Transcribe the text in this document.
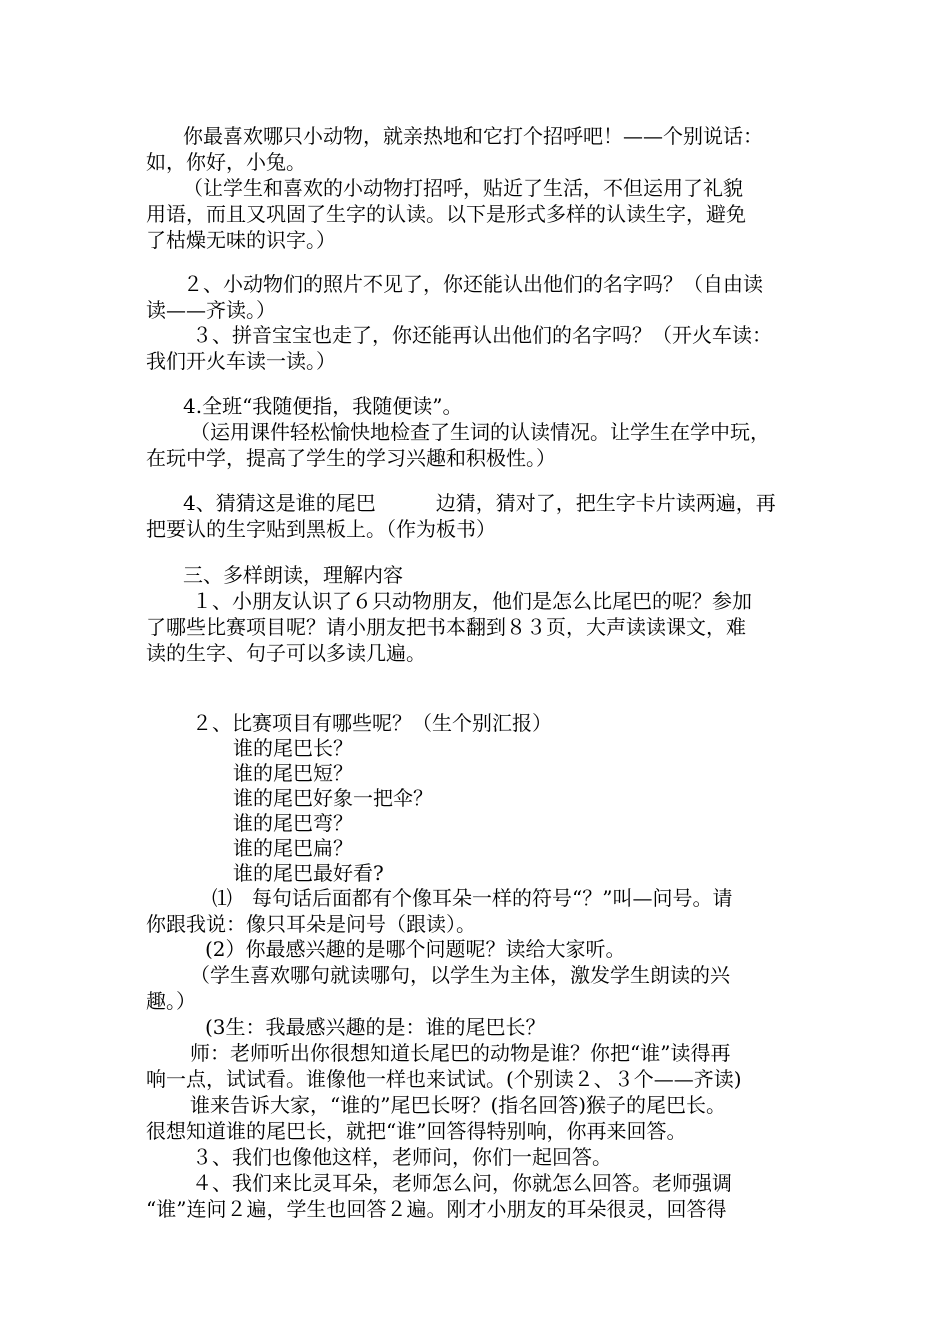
你最喜欢哪只小动物，就亲热地和它打个招呼吧！——个别说话：

如，你好，小兔。

（让学生和喜欢的小动物打招呼，贴近了生活，不但运用了礼貌

用语，而且又巩固了生字的认读。以下是形式多样的认读生字，避免

了枯燥无味的识字。）

２、小动物们的照片不见了，你还能认出他们的名字吗？（自由读

读——齐读。）

３、拼音宝宝也走了，你还能再认出他们的名字吗？（开火车读：

我们开火车读一读。）

4.全班“我随便指，我随便读”。

（运用课件轻松愉快地检查了生词的认读情况。让学生在学中玩，

在玩中学，提高了学生的学习兴趣和积极性。）

4、猜猜这是谁的尾巴　　　边猜，猜对了，把生字卡片读两遍，再

把要认的生字贴到黑板上。（作为板书）

三、多样朗读，理解内容

１、小朋友认识了６只动物朋友，他们是怎么比尾巴的呢？参加

了哪些比赛项目呢？请小朋友把书本翻到８３页，大声读读课文，难

读的生字、句子可以多读几遍。

２、比赛项目有哪些呢？（生个别汇报）

谁的尾巴长？

谁的尾巴短？

谁的尾巴好象一把伞？

谁的尾巴弯？

谁的尾巴扁？

谁的尾巴最好看?

⑴　每句话后面都有个像耳朵一样的符号“？”叫—问号。请

你跟我说：像只耳朵是问号（跟读）。

(2）你最感兴趣的是哪个问题呢？读给大家听。

（学生喜欢哪句就读哪句，以学生为主体，激发学生朗读的兴

趣。）

(3生：我最感兴趣的是：谁的尾巴长？

师：老师听出你很想知道长尾巴的动物是谁？你把“谁”读得再

响一点，试试看。谁像他一样也来试试。(个别读２、３个——齐读)

谁来告诉大家，“谁的”尾巴长呀？(指名回答)猴子的尾巴长。

很想知道谁的尾巴长，就把“谁”回答得特别响，你再来回答。

３、我们也像他这样，老师问，你们一起回答。

４、我们来比灵耳朵，老师怎么问，你就怎么回答。老师强调

“谁”连问２遍，学生也回答２遍。刚才小朋友的耳朵很灵，回答得
